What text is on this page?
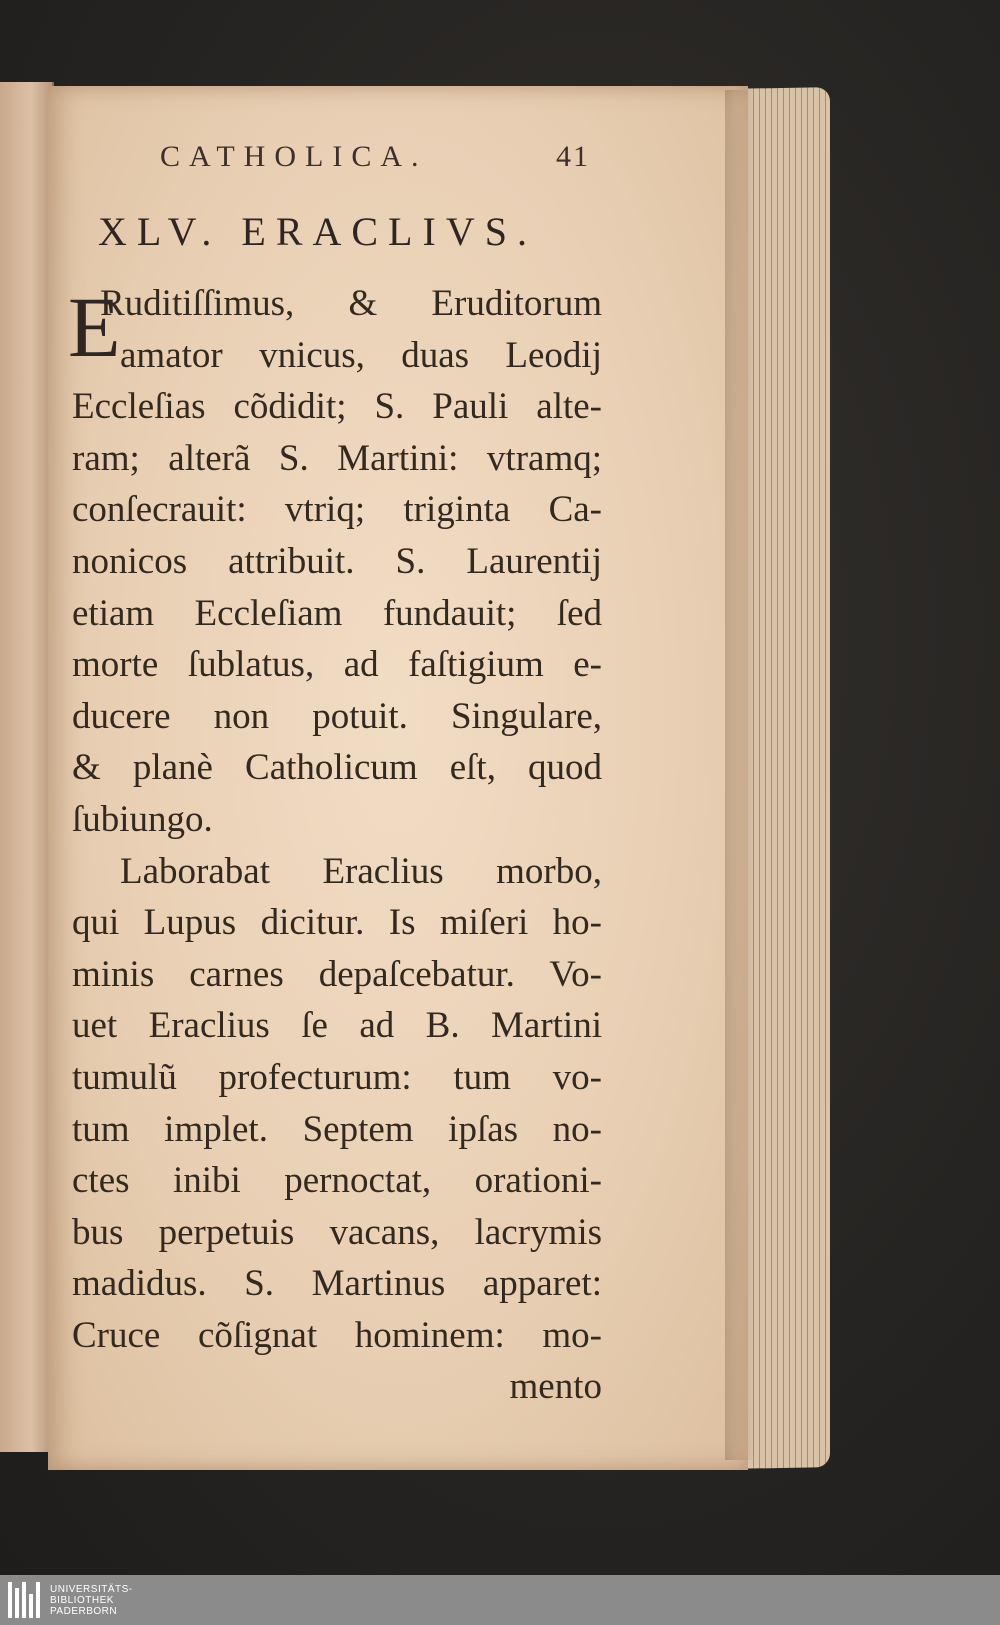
CATHOLICA.	41
XLV. ERACLIVS.
E
Ruditiſſimus, & Eruditorum
amator vnicus, duas Leodij
Eccleſias cõdidit; S. Pauli alte-
ram; alterã S. Martini: vtramq;
conſecrauit: vtriq; triginta Ca-
nonicos attribuit. S. Laurentij
etiam Eccleſiam fundauit; ſed
morte ſublatus, ad faſtigium e-
ducere non potuit. Singulare,
& planè Catholicum eſt, quod
ſubiungo.
Laborabat Eraclius morbo,
qui Lupus dicitur. Is miſeri ho-
minis carnes depaſcebatur. Vo-
uet Eraclius ſe ad B. Martini
tumulũ profecturum: tum vo-
tum implet. Septem ipſas no-
ctes inibi pernoctat, orationi-
bus perpetuis vacans, lacrymis
madidus. S. Martinus apparet:
Cruce cõſignat hominem: mo-
mento
UNIVERSITÄTS-
BIBLIOTHEK
PADERBORN
